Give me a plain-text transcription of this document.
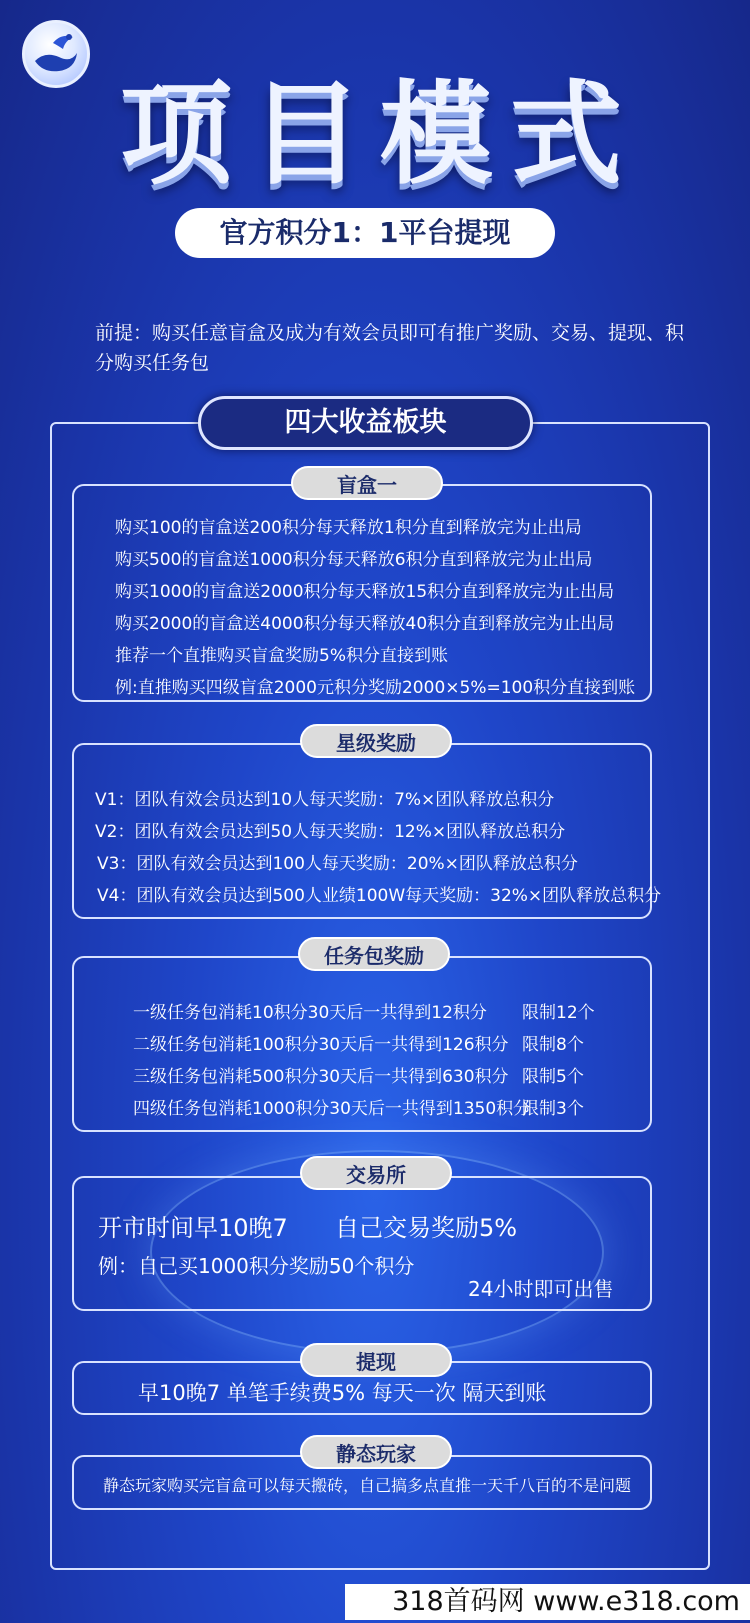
项目模式
官方积分1：1平台提现
前提：购买任意盲盒及成为有效会员即可有推广奖励、交易、提现、积分购买任务包
四大收益板块
盲盒一
购买100的盲盒送200积分每天释放1积分直到释放完为止出局
购买500的盲盒送1000积分每天释放6积分直到释放完为止出局
购买1000的盲盒送2000积分每天释放15积分直到释放完为止出局
购买2000的盲盒送4000积分每天释放40积分直到释放完为止出局
推荐一个直推购买盲盒奖励5%积分直接到账
例:直推购买四级盲盒2000元积分奖励2000×5%=100积分直接到账
星级奖励
V1：团队有效会员达到10人每天奖励：7%×团队释放总积分
V2：团队有效会员达到50人每天奖励：12%×团队释放总积分
V3：团队有效会员达到100人每天奖励：20%×团队释放总积分
V4：团队有效会员达到500人业绩100W每天奖励：32%×团队释放总积分
任务包奖励
一级任务包消耗10积分30天后一共得到12积分 限制12个
二级任务包消耗100积分30天后一共得到126积分 限制8个
三级任务包消耗500积分30天后一共得到630积分 限制5个
四级任务包消耗1000积分30天后一共得到1350积分
限制3个
交易所
开市时间早10晚7 自己交易奖励5%
例：自己买1000积分奖励50个积分
24小时即可出售
提现
早10晚7 单笔手续费5% 每天一次 隔天到账
静态玩家
静态玩家购买完盲盒可以每天搬砖，自己搞多点直推一天千八百的不是问题
318首码网 www.e318.com
